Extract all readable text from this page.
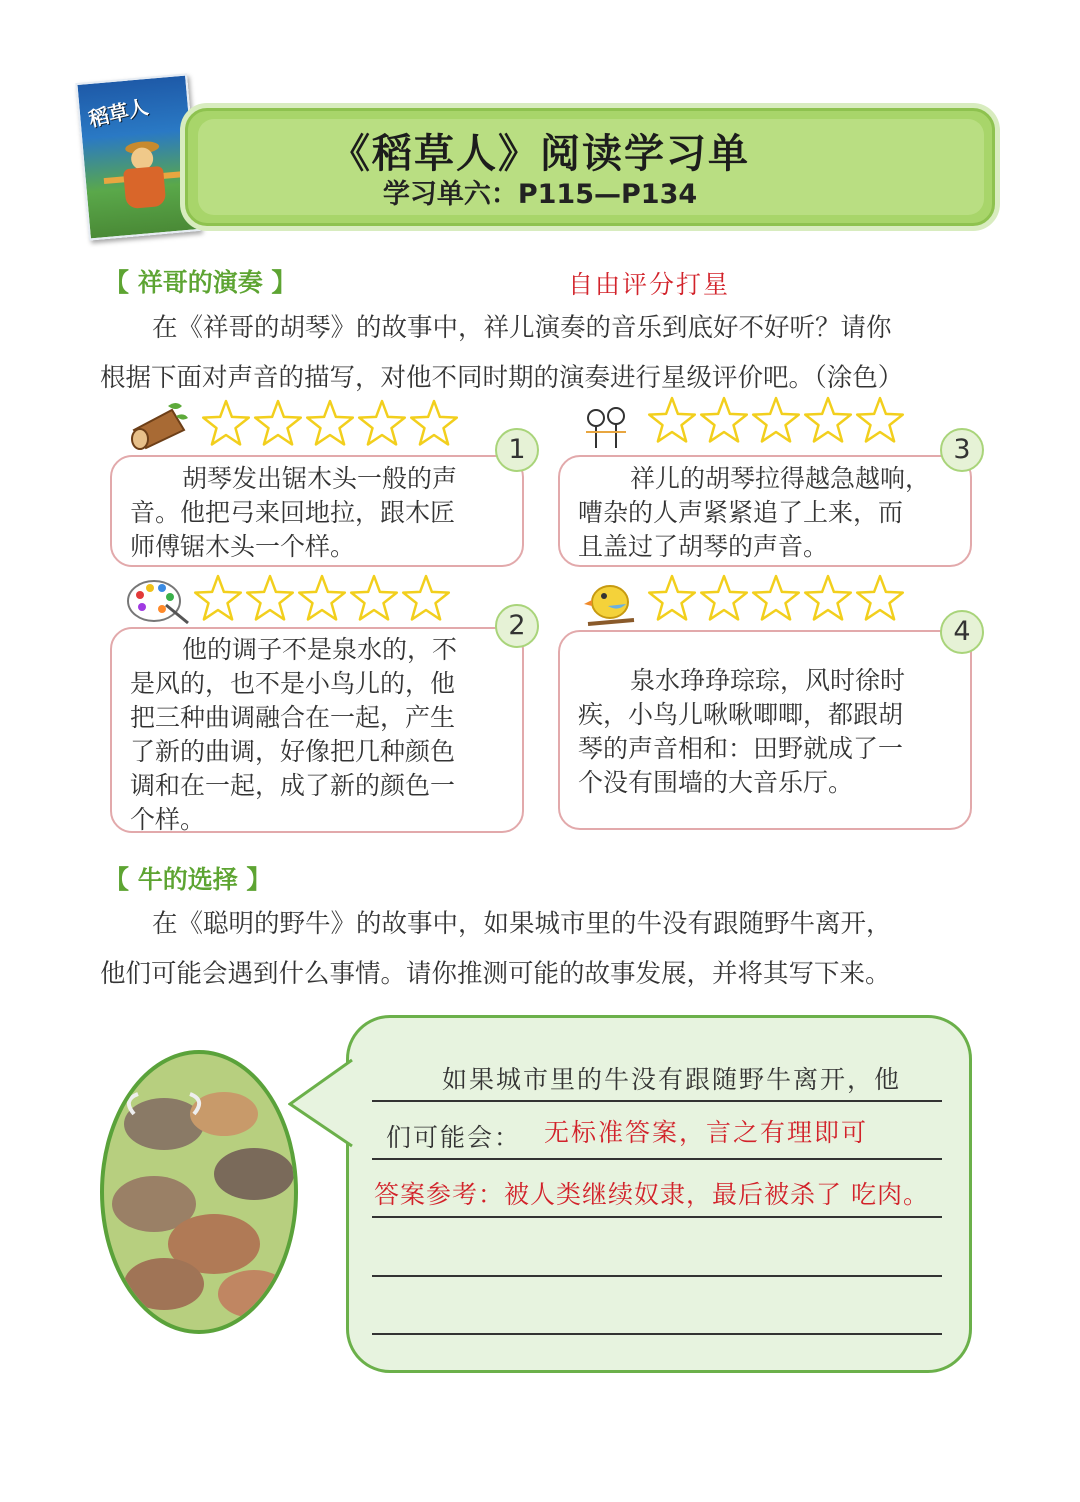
稻草人
《稻草人》阅读学习单
学习单六：P115—P134
【 祥哥的演奏 】	自由评分打星
在《祥哥的胡琴》的故事中，祥儿演奏的音乐到底好不好听？请你
根据下面对声音的描写，对他不同时期的演奏进行星级评价吧。（涂色）
胡琴发出锯木头一般的声
音。他把弓来回地拉，跟木匠
师傅锯木头一个样。
1
祥儿的胡琴拉得越急越响，
嘈杂的人声紧紧追了上来，而
且盖过了胡琴的声音。
3
他的调子不是泉水的，不
是风的，也不是小鸟儿的，他
把三种曲调融合在一起，产生
了新的曲调，好像把几种颜色
调和在一起，成了新的颜色一
个样。
2
泉水琤琤琮琮，风时徐时
疾，小鸟儿啾啾唧唧，都跟胡
琴的声音相和：田野就成了一
个没有围墙的大音乐厅。
4
【 牛的选择 】
在《聪明的野牛》的故事中，如果城市里的牛没有跟随野牛离开，
他们可能会遇到什么事情。请你推测可能的故事发展，并将其写下来。
如果城市里的牛没有跟随野牛离开，他
们可能会： 无标准答案，言之有理即可
答案参考：被人类继续奴隶，最后被杀了 吃肉。
